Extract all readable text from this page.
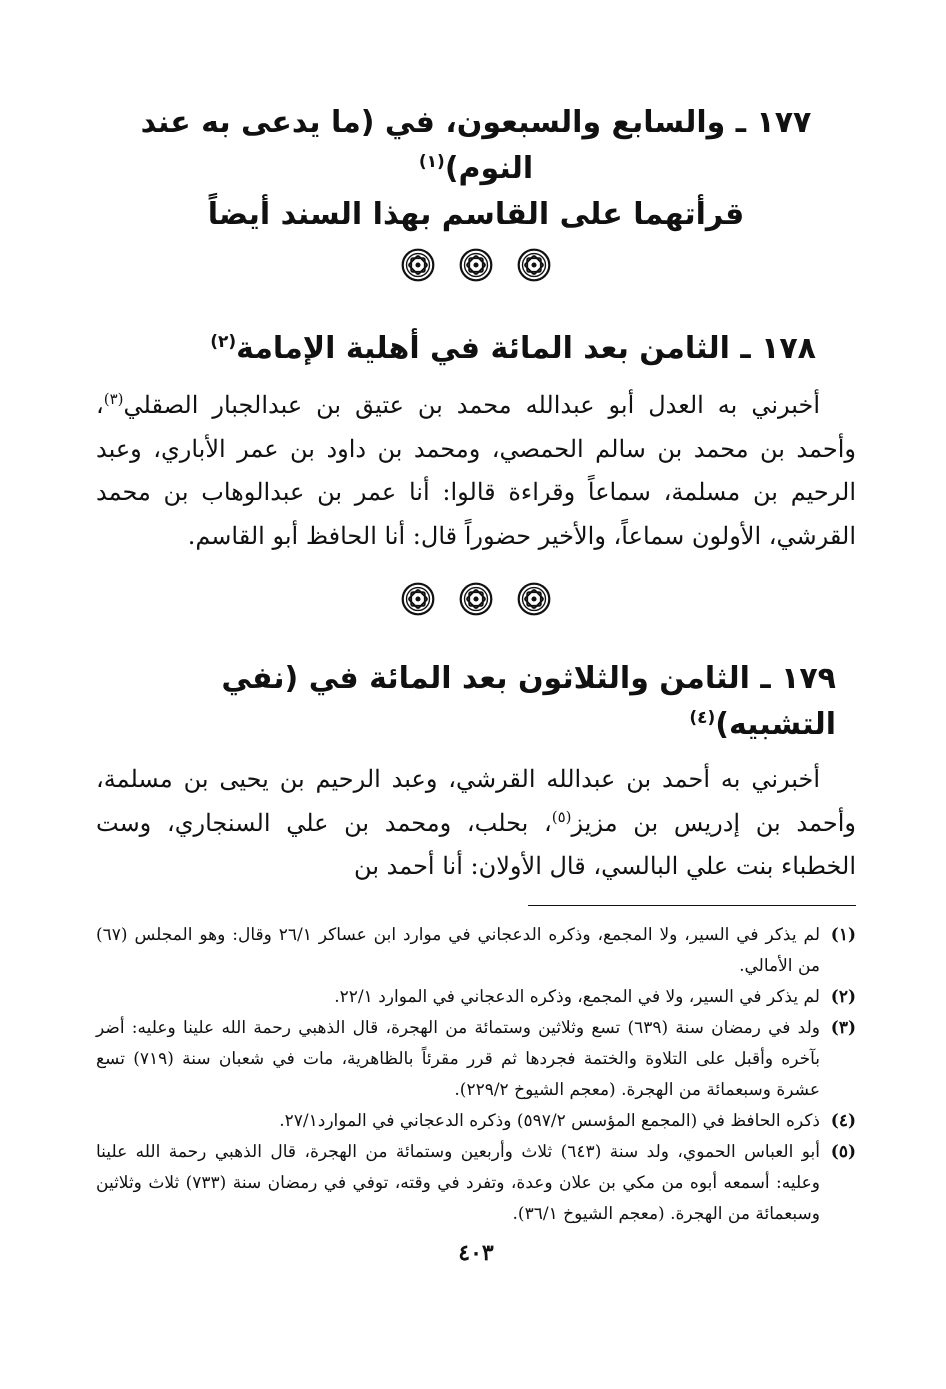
١٧٧ ـ والسابع والسبعون، في (ما يدعى به عند النوم)$^{(١)}$
قرأتهما على القاسم بهذا السند أيضاً
١٧٨ ـ الثامن بعد المائة في أهلية الإمامة$^{(٢)}$

أخبرني به العدل أبو عبدالله محمد بن عتيق بن عبدالجبار الصقلي$^{(٣)}$، وأحمد بن محمد بن سالم الحمصي، ومحمد بن داود بن عمر الأباري، وعبد الرحيم بن مسلمة، سماعاً وقراءة قالوا: أنا عمر بن عبدالوهاب بن محمد القرشي، الأولون سماعاً، والأخير حضوراً قال: أنا الحافظ أبو القاسم.

١٧٩ ـ الثامن والثلاثون بعد المائة في (نفي التشبيه)$^{(٤)}$

أخبرني به أحمد بن عبدالله القرشي، وعبد الرحيم بن يحيى بن مسلمة، وأحمد بن إدريس بن مزيز$^{(٥)}$، بحلب، ومحمد بن علي السنجاري، وست الخطباء بنت علي البالسي، قال الأولان: أنا أحمد بن

(١)
لم يذكر في السير، ولا المجمع، وذكره الدعجاني في موارد ابن عساكر ٢٦/١ وقال: وهو المجلس (٦٧) من الأمالي.
(٢)
لم يذكر في السير، ولا في المجمع، وذكره الدعجاني في الموارد ٢٢/١.
(٣)
ولد في رمضان سنة (٦٣٩) تسع وثلاثين وستمائة من الهجرة، قال الذهبي رحمة الله علينا وعليه: أضر بآخره وأقبل على التلاوة والختمة فجردها ثم قرر مقرئاً بالظاهرية، مات في شعبان سنة (٧١٩) تسع عشرة وسبعمائة من الهجرة. (معجم الشيوخ ٢٢٩/٢).
(٤)
ذكره الحافظ في (المجمع المؤسس ٥٩٧/٢) وذكره الدعجاني في الموارد٢٧/١.
(٥)
أبو العباس الحموي، ولد سنة (٦٤٣) ثلاث وأربعين وستمائة من الهجرة، قال الذهبي رحمة الله علينا وعليه: أسمعه أبوه من مكي بن علان وعدة، وتفرد في وقته، توفي في رمضان سنة (٧٣٣) ثلاث وثلاثين وسبعمائة من الهجرة. (معجم الشيوخ ٣٦/١).
٤٠٣
